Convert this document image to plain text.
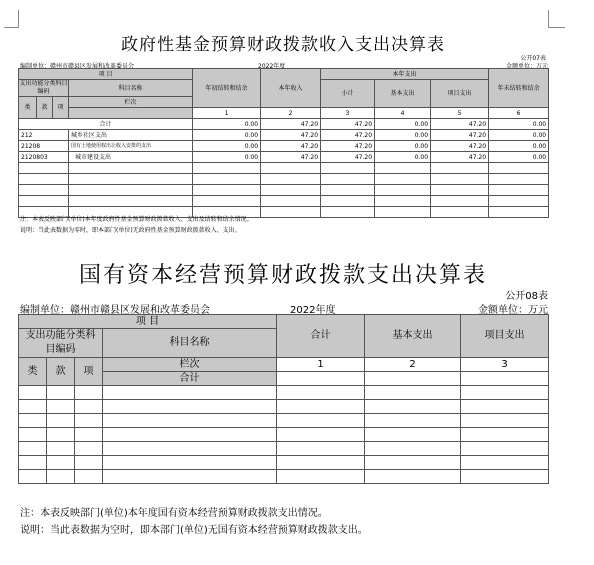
政府性基金预算财政拨款收入支出决算表
公开07表
编制单位：赣州市赣县区发展和改革委员会	2022年度	金额单位：万元
项 目				年初结转和结余	本年收入	本年支出			年末结转和结余
支出功能分类科目编码			科目名称			小计	基本支出	项目支出	

类	款	项	栏次						
				1	2	3	4	5	6
合计				0.00	47.20	47.20	0.00	47.20	0.00
212			城乡社区支出	0.00	47.20	47.20	0.00	47.20	0.00
21208			国有土地使用权出让收入安排的支出	0.00	47.20	47.20	0.00	47.20	0.00
2120803			城市建设支出	0.00	47.20	47.20	0.00	47.20	0.00

注：本表反映部门(单位)本年度政府性基金预算财政拨款收入、支出及结转和结余情况。
说明：当此表数据为零时，即本部门(单位)无政府性基金预算财政拨款收入、支出。
国有资本经营预算财政拨款支出决算表
公开08表
编制单位：赣州市赣县区发展和改革委员会	2022年度	金额单位：万元
项 目				合计	基本支出	项目支出
支出功能分类科目编码			科目名称			

类	款	项	栏次	1	2	3
			合计			

注：本表反映部门(单位)本年度国有资本经营预算财政拨款支出情况。
说明：当此表数据为空时，即本部门(单位)无国有资本经营预算财政拨款支出。
